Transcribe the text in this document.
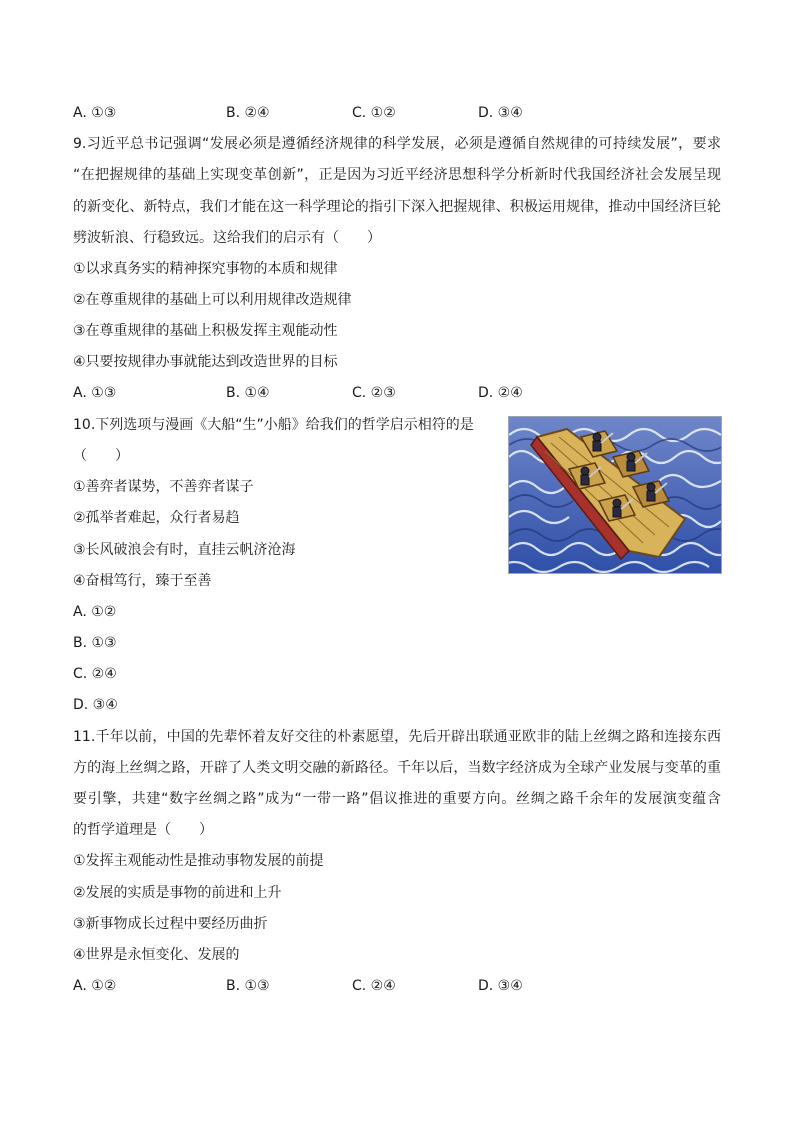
A. ①③	B. ②④	C. ①②	D. ③④
9.习近平总书记强调“发展必须是遵循经济规律的科学发展，必须是遵循自然规律的可持续发展”，要求
“在把握规律的基础上实现变革创新”，正是因为习近平经济思想科学分析新时代我国经济社会发展呈现
的新变化、新特点，我们才能在这一科学理论的指引下深入把握规律、积极运用规律，推动中国经济巨轮
劈波斩浪、行稳致远。这给我们的启示有（　　）
①以求真务实的精神探究事物的本质和规律
②在尊重规律的基础上可以利用规律改造规律
③在尊重规律的基础上积极发挥主观能动性
④只要按规律办事就能达到改造世界的目标
A. ①③	B. ①④	C. ②③	D. ②④
10.下列选项与漫画《大船“生”小船》给我们的哲学启示相符的是
（　　）
①善弈者谋势，不善弈者谋子
②孤举者难起，众行者易趋
③长风破浪会有时，直挂云帆济沧海
④奋楫笃行，臻于至善
A. ①②
B. ①③
C. ②④
D. ③④
11.千年以前，中国的先辈怀着友好交往的朴素愿望，先后开辟出联通亚欧非的陆上丝绸之路和连接东西
方的海上丝绸之路，开辟了人类文明交融的新路径。千年以后，当数字经济成为全球产业发展与变革的重
要引擎，共建“数字丝绸之路”成为“一带一路”倡议推进的重要方向。丝绸之路千余年的发展演变蕴含
的哲学道理是（　　）
①发挥主观能动性是推动事物发展的前提
②发展的实质是事物的前进和上升
③新事物成长过程中要经历曲折
④世界是永恒变化、发展的
A. ①②	B. ①③	C. ②④	D. ③④
